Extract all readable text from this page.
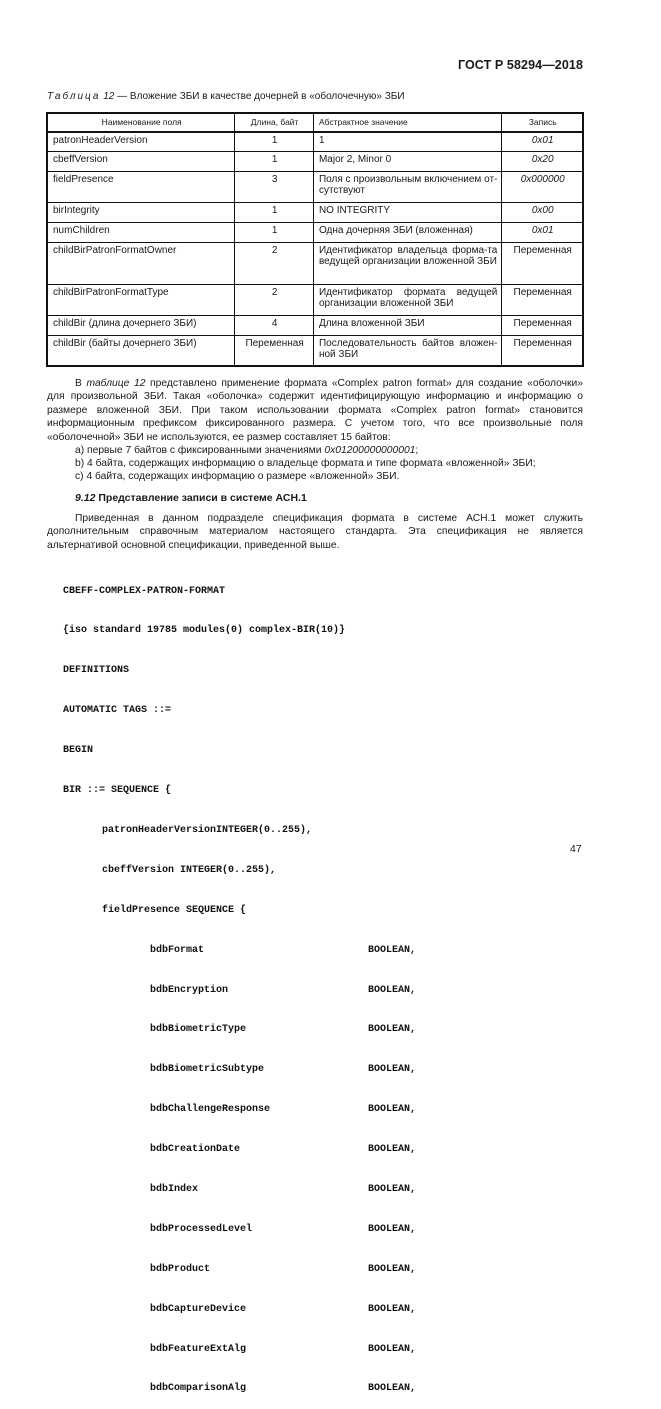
ГОСТ Р 58294—2018
Таблица 12 — Вложение ЗБИ в качестве дочерней в «оболочечную» ЗБИ
Наименование поля	Длина, байт	Абстрактное значение	Запись
patronHeaderVersion	1	1	0x01
cbeffVersion	1	Major 2, Minor 0	0x20
fieldPresence	3	Поля с произвольным включением от-сутствуют	0x000000
birIntegrity	1	NO INTEGRITY	0x00
numChildren	1	Одна дочерняя ЗБИ (вложенная)	0x01
childBirPatronFormatOwner	2	Идентификатор владельца форма-та ведущей организации вложенной ЗБИ	Переменная
childBirPatronFormatType	2	Идентификатор формата ведущей организации вложенной ЗБИ	Переменная
childBir (длина дочернего ЗБИ)	4	Длина вложенной ЗБИ	Переменная
childBir (байты дочернего ЗБИ)	Переменная	Последовательность байтов вложен-ной ЗБИ	Переменная
В таблице 12 представлено применение формата «Complex patron format» для создание «оболочки» для произвольной ЗБИ. Такая «оболочка» содержит идентифицирующую информацию и информацию о размере вложенной ЗБИ. При таком использовании формата «Complex patron format» становится информационным префиксом фиксированного размера. С учетом того, что все произвольные поля «оболочечной» ЗБИ не используются, ее размер составляет 15 байтов:
a) первые 7 байтов с фиксированными значениями 0x01200000000001;
b) 4 байта, содержащих информацию о владельце формата и типе формата «вложенной» ЗБИ;
c) 4 байта, содержащих информацию о размере «вложенной» ЗБИ.
9.12 Представление записи в системе АСН.1
Приведенная в данном подразделе спецификация формата в системе АСН.1 может служить дополнительным справочным материалом настоящего стандарта. Эта спецификация не является альтернативой основной спецификации, приведенной выше.

CBEFF-COMPLEX-PATRON-FORMAT

{iso standard 19785 modules(0) complex-BIR(10)}

DEFINITIONS

AUTOMATIC TAGS ::=

BEGIN

BIR ::= SEQUENCE {

patronHeaderVersionINTEGER(0..255),

cbeffVersion INTEGER(0..255),

fieldPresence SEQUENCE {

bdbFormat	BOOLEAN,

bdbEncryption	BOOLEAN,

bdbBiometricType	BOOLEAN,

bdbBiometricSubtype	BOOLEAN,

bdbChallengeResponse	BOOLEAN,

bdbCreationDate	BOOLEAN,

bdbIndex	BOOLEAN,

bdbProcessedLevel	BOOLEAN,

bdbProduct	BOOLEAN,

bdbCaptureDevice	BOOLEAN,

bdbFeatureExtAlg	BOOLEAN,

bdbComparisonAlg	BOOLEAN,

47
